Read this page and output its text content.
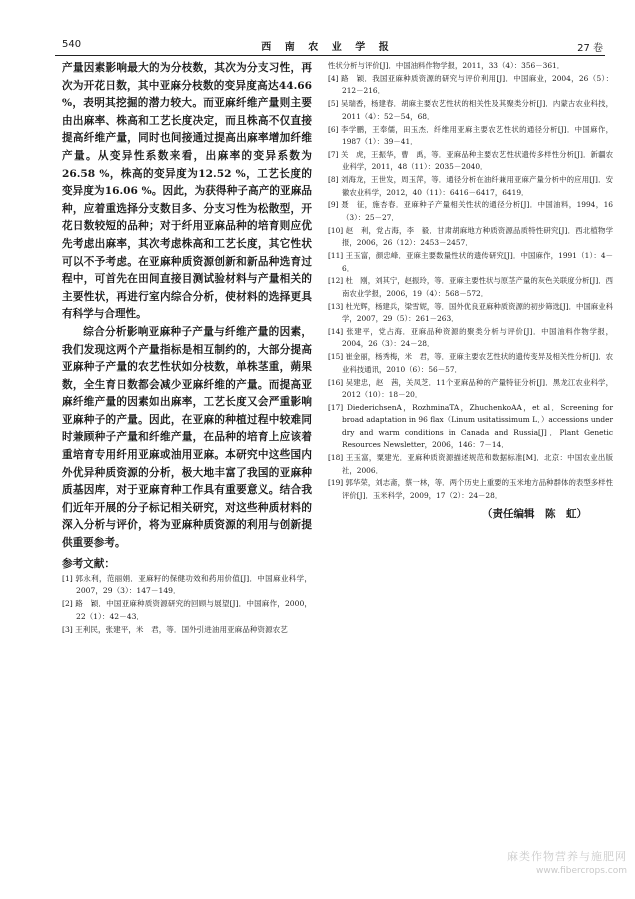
540	西 南 农 业 学 报	27 卷

产量因素影响最大的为分枝数，其次为分支习性，再次为开花日数，其中亚麻分枝数的变异度高达44.66 %，表明其挖掘的潜力较大。而亚麻纤维产量则主要由出麻率、株高和工艺长度决定，而且株高不仅直接提高纤维产量，同时也间接通过提高出麻率增加纤维产量。从变异性系数来看，出麻率的变异系数为26.58 %，株高的变异度为12.52 %，工艺长度的变异度为16.06 %。因此，为获得种子高产的亚麻品种，应着重选择分支数目多、分支习性为松散型，开花日数较短的品种；对于纤用亚麻品种的培育则应优先考虑出麻率，其次考虑株高和工艺长度，其它性状可以不予考虑。在亚麻种质资源创新和新品种选育过程中，可首先在田间直接目测试验材料与产量相关的主要性状，再进行室内综合分析，使材料的选择更具有科学与合理性。

综合分析影响亚麻种子产量与纤维产量的因素，我们发现这两个产量指标是相互制约的，大部分提高亚麻种子产量的农艺性状如分枝数，单株茎重，蒴果数，全生育日数都会减少亚麻纤维的产量。而提高亚麻纤维产量的因素如出麻率，工艺长度又会严重影响亚麻种子的产量。因此，在亚麻的种植过程中较难同时兼顾种子产量和纤维产量，在品种的培育上应该着重培育专用纤用亚麻或油用亚麻。本研究中这些国内外优异种质资源的分析，极大地丰富了我国的亚麻种质基因库，对于亚麻育种工作具有重要意义。结合我们近年开展的分子标记相关研究，对这些种质材料的深入分析与评价，将为亚麻种质资源的利用与创新提供重要参考。

参考文献：

[1] 郭永利，范丽娟．亚麻籽的保健功效和药用价值[J]．中国麻业科学，2007，29（3）：147－149．

[2] 路　颖．中国亚麻种质资源研究的回顾与展望[J]．中国麻作，2000，22（1）：42－43．

[3] 王利民，张建平，米　君，等．国外引进油用亚麻品种资源农艺

性状分析与评价[J]．中国油料作物学报，2011，33（4）：356－361．

[4] 路　颖．我国亚麻种质资源的研究与评价利用[J]．中国麻业，2004，26（5）：212－216．

[5] 吴瑞香，杨建春．胡麻主要农艺性状的相关性及其聚类分析[J]．内蒙古农业科技，2011（4）：52－54，68．

[6] 李学鹏，王奉儒，田玉杰．纤维用亚麻主要农艺性状的通径分析[J]．中国麻作，1987（1）：39－41．

[7] 关　虎，王振华，曹　禹，等．亚麻品种主要农艺性状遗传多样性分析[J]．新疆农业科学，2011，48（11）：2035－2040．

[8] 刘海龙，王世发，周玉萍，等．通径分析在油纤兼用亚麻产量分析中的应用[J]．安徽农业科学，2012，40（11）：6416－6417，6419．

[9] 聂　征，施杏春．亚麻种子产量相关性状的通径分析[J]．中国油料，1994，16（3）：25－27．

[10] 赵　利，党占海，李　毅．甘肃胡麻地方种质资源品质特性研究[J]．西北植物学报，2006，26（12）：2453－2457．

[11] 王玉富，颜忠峰．亚麻主要数量性状的遗传研究[J]．中国麻作，1991（1）：4－6．

[12] 杜　刚，刘其宁，赵振玲，等．亚麻主要性状与原茎产量的灰色关联度分析[J]．西南农业学报，2006，19（4）：568－572．

[13] 杜光辉，杨建兵，梁雪妮，等．国外优良亚麻种质资源的初步筛选[J]．中国麻业科学，2007，29（5）：261－263．

[14] 张建平，党占海．亚麻品种资源的聚类分析与评价[J]．中国油料作物学报，2004，26（3）：24－28．

[15] 崔金丽，杨秀梅，米　君，等．亚麻主要农艺性状的遗传变异及相关性分析[J]．农业科技通讯，2010（6）：56－57．

[16] 吴建忠，赵　茜，关凤芝．11个亚麻品种的产量特征分析[J]．黑龙江农业科学，2012（10）：18－20．

[17] DiederichsenA，RozhminaTA，ZhuchenkoAA，et al．Screening for broad adaptation in 96 flax（Linum usitatissimum L．）accessions under dry and warm conditions in Canada and Russia[J]．Plant Genetic Resources Newsletter，2006，146：7－14．

[18] 王玉富，粟建光．亚麻种质资源描述规范和数据标准[M]．北京：中国农业出版社，2006．

[19] 郭华荣，刘志斋，蔡一林，等．两个历史上重要的玉米地方品种群体的表型多样性评价[J]．玉米科学，2009，17（2）：24－28．

（责任编辑　陈　虹）
麻类作物营养与施肥网
www.fibercrops.com
